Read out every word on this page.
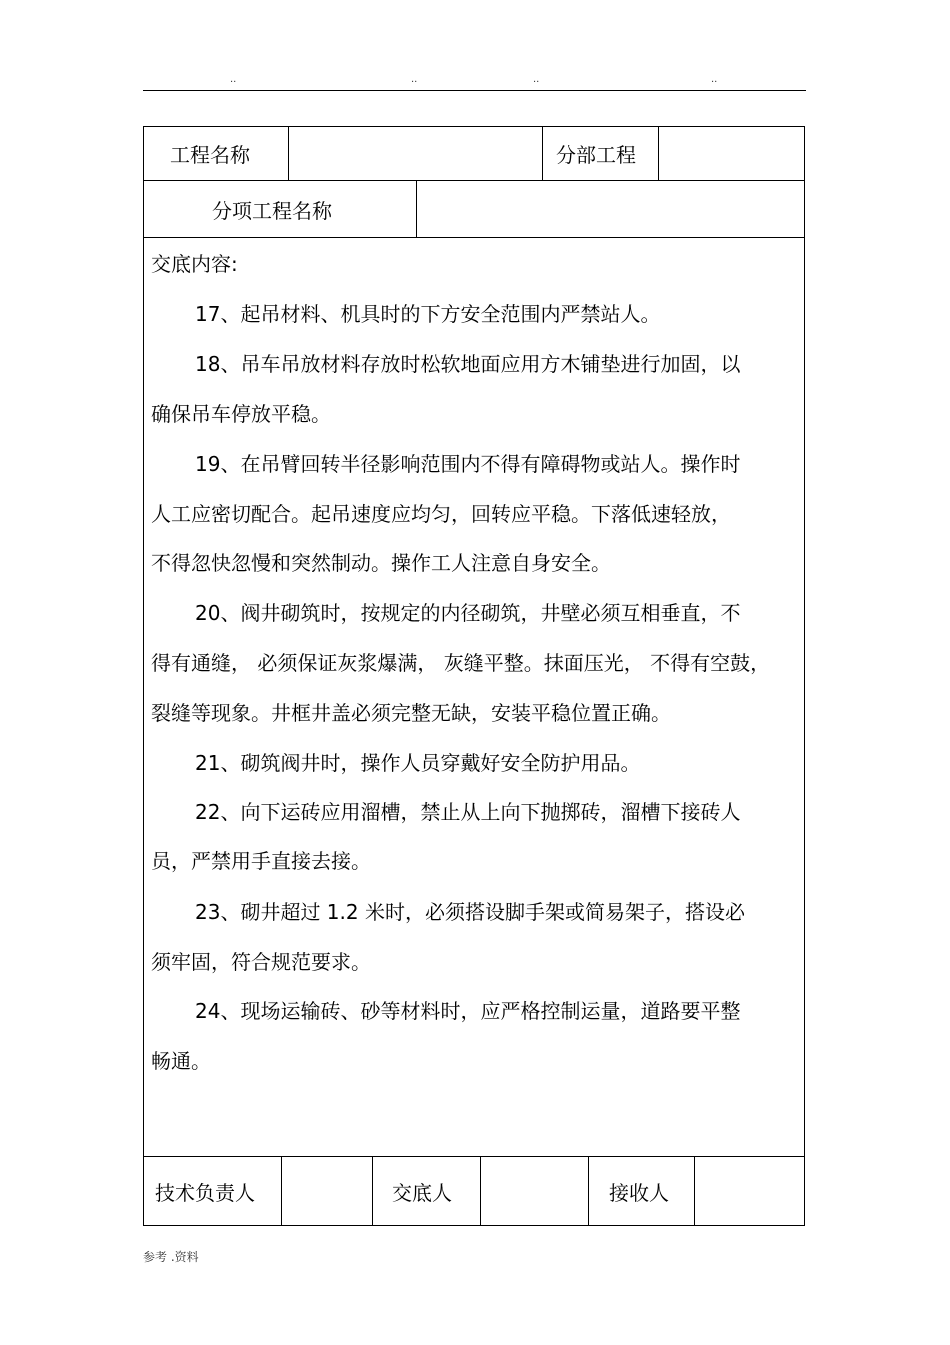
..	..	..	..
工程名称	分部工程
分项工程名称
交底内容:
17、起吊材料、机具时的下方安全范围内严禁站人。
18、吊车吊放材料存放时松软地面应用方木铺垫进行加固，以
确保吊车停放平稳。
19、在吊臂回转半径影响范围内不得有障碍物或站人。操作时
人工应密切配合。起吊速度应均匀，回转应平稳。下落低速轻放，
不得忽快忽慢和突然制动。操作工人注意自身安全。
20、阀井砌筑时，按规定的内径砌筑，井壁必须互相垂直，不
得有通缝， 必须保证灰浆爆满， 灰缝平整。抹面压光， 不得有空鼓，
裂缝等现象。井框井盖必须完整无缺，安装平稳位置正确。
21、砌筑阀井时，操作人员穿戴好安全防护用品。
22、向下运砖应用溜槽，禁止从上向下抛掷砖，溜槽下接砖人
员，严禁用手直接去接。
23、砌井超过 1.2 米时，必须搭设脚手架或简易架子，搭设必
须牢固，符合规范要求。
24、现场运输砖、砂等材料时，应严格控制运量，道路要平整
畅通。
技术负责人	交底人	接收人
参考 .资料
